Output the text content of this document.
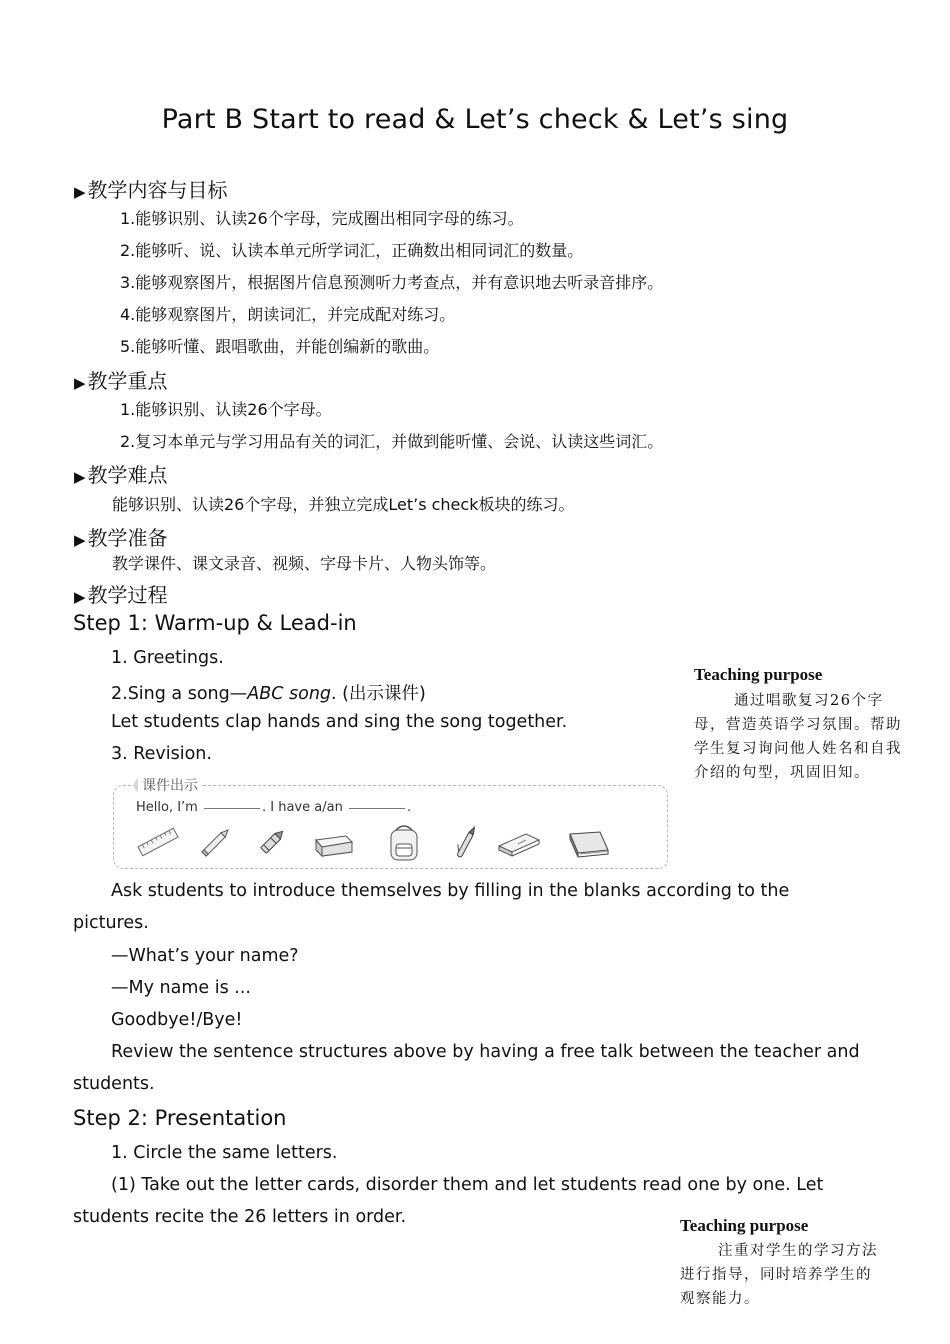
Part B Start to read & Let’s check & Let’s sing
▶ 教学内容与目标
1.能够识别、认读26个字母，完成圈出相同字母的练习。
2.能够听、说、认读本单元所学词汇，正确数出相同词汇的数量。
3.能够观察图片，根据图片信息预测听力考查点，并有意识地去听录音排序。
4.能够观察图片，朗读词汇，并完成配对练习。
5.能够听懂、跟唱歌曲，并能创编新的歌曲。
▶ 教学重点
1.能够识别、认读26个字母。
2.复习本单元与学习用品有关的词汇，并做到能听懂、会说、认读这些词汇。
▶ 教学难点
能够识别、认读26个字母，并独立完成Let’s check板块的练习。
▶ 教学准备
教学课件、课文录音、视频、字母卡片、人物头饰等。
▶ 教学过程
Step 1: Warm-up & Lead-in
1. Greetings.
2.Sing a song—ABC song. (出示课件)
Let students clap hands and sing the song together.
3. Revision.
课件出示
Hello, I’m	. I have a/an	.
Ask students to introduce themselves by filling in the blanks according to the
pictures.
—What’s your name?
—My name is ...
Goodbye!/Bye!
Review the sentence structures above by having a free talk between the teacher and
students.
Step 2: Presentation
1. Circle the same letters.
(1) Take out the letter cards, disorder them and let students read one by one. Let
students recite the 26 letters in order.
Teaching purpose
通过唱歌复习26个字母，营造英语学习氛围。帮助学生复习询问他人姓名和自我介绍的句型，巩固旧知。
Teaching purpose
注重对学生的学习方法进行指导，同时培养学生的观察能力。
